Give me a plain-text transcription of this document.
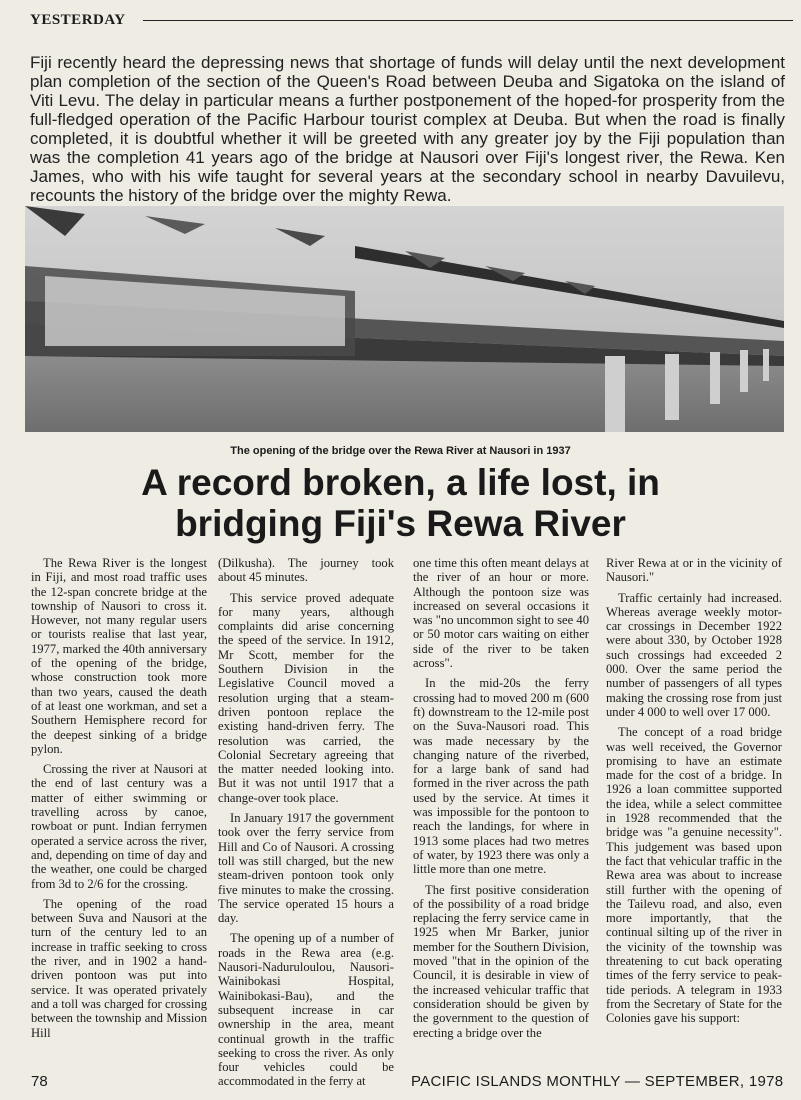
YESTERDAY
Fiji recently heard the depressing news that shortage of funds will delay until the next development plan completion of the section of the Queen's Road between Deuba and Sigatoka on the island of Viti Levu. The delay in particular means a further postponement of the hoped-for prosperity from the full-fledged operation of the Pacific Harbour tourist complex at Deuba. But when the road is finally completed, it is doubtful whether it will be greeted with any greater joy by the Fiji population than was the completion 41 years ago of the bridge at Nausori over Fiji's longest river, the Rewa. Ken James, who with his wife taught for several years at the secondary school in nearby Davuilevu, recounts the history of the bridge over the mighty Rewa.
The opening of the bridge over the Rewa River at Nausori in 1937
A record broken, a life lost, in
bridging Fiji's Rewa River

The Rewa River is the longest in Fiji, and most road traffic uses the 12-span concrete bridge at the township of Nausori to cross it. However, not many regular users or tourists realise that last year, 1977, marked the 40th anniversary of the opening of the bridge, whose construction took more than two years, caused the death of at least one workman, and set a Southern Hemisphere record for the deepest sinking of a bridge pylon.

Crossing the river at Nausori at the end of last century was a matter of either swimming or travelling across by canoe, rowboat or punt. Indian ferrymen operated a service across the river, and, depending on time of day and the weather, one could be charged from 3d to 2/6 for the crossing.

The opening of the road between Suva and Nausori at the turn of the century led to an increase in traffic seeking to cross the river, and in 1902 a hand-driven pontoon was put into service. It was operated privately and a toll was charged for crossing between the township and Mission Hill

(Dilkusha). The journey took about 45 minutes.

This service proved adequate for many years, although complaints did arise concerning the speed of the service. In 1912, Mr Scott, member for the Southern Division in the Legislative Council moved a resolution urging that a steam-driven pontoon replace the existing hand-driven ferry. The resolution was carried, the Colonial Secretary agreeing that the matter needed looking into. But it was not until 1917 that a change-over took place.

In January 1917 the government took over the ferry service from Hill and Co of Nausori. A crossing toll was still charged, but the new steam-driven pontoon took only five minutes to make the crossing. The service operated 15 hours a day.

The opening up of a number of roads in the Rewa area (e.g. Nausori-Naduruloulou, Nausori-Wainibokasi Hospital, Wainibokasi-Bau), and the subsequent increase in car ownership in the area, meant continual growth in the traffic seeking to cross the river. As only four vehicles could be accommodated in the ferry at

one time this often meant delays at the river of an hour or more. Although the pontoon size was increased on several occasions it was "no uncommon sight to see 40 or 50 motor cars waiting on either side of the river to be taken across".

In the mid-20s the ferry crossing had to moved 200 m (600 ft) downstream to the 12-mile post on the Suva-Nausori road. This was made necessary by the changing nature of the riverbed, for a large bank of sand had formed in the river across the path used by the service. At times it was impossible for the pontoon to reach the landings, for where in 1913 some places had two metres of water, by 1923 there was only a little more than one metre.

The first positive consideration of the possibility of a road bridge replacing the ferry service came in 1925 when Mr Barker, junior member for the Southern Division, moved "that in the opinion of the Council, it is desirable in view of the increased vehicular traffic that consideration should be given by the government to the question of erecting a bridge over the

River Rewa at or in the vicinity of Nausori."

Traffic certainly had increased. Whereas average weekly motor-car crossings in December 1922 were about 330, by October 1928 such crossings had exceeded 2 000. Over the same period the number of passengers of all types making the crossing rose from just under 4 000 to well over 17 000.

The concept of a road bridge was well received, the Governor promising to have an estimate made for the cost of a bridge. In 1926 a loan committee supported the idea, while a select committee in 1928 recommended that the bridge was "a genuine necessity". This judgement was based upon the fact that vehicular traffic in the Rewa area was about to increase still further with the opening of the Tailevu road, and also, even more importantly, that the continual silting up of the river in the vicinity of the township was threatening to cut back operating times of the ferry service to peak-tide periods. A telegram in 1933 from the Secretary of State for the Colonies gave his support:

78	PACIFIC ISLANDS MONTHLY — SEPTEMBER, 1978
